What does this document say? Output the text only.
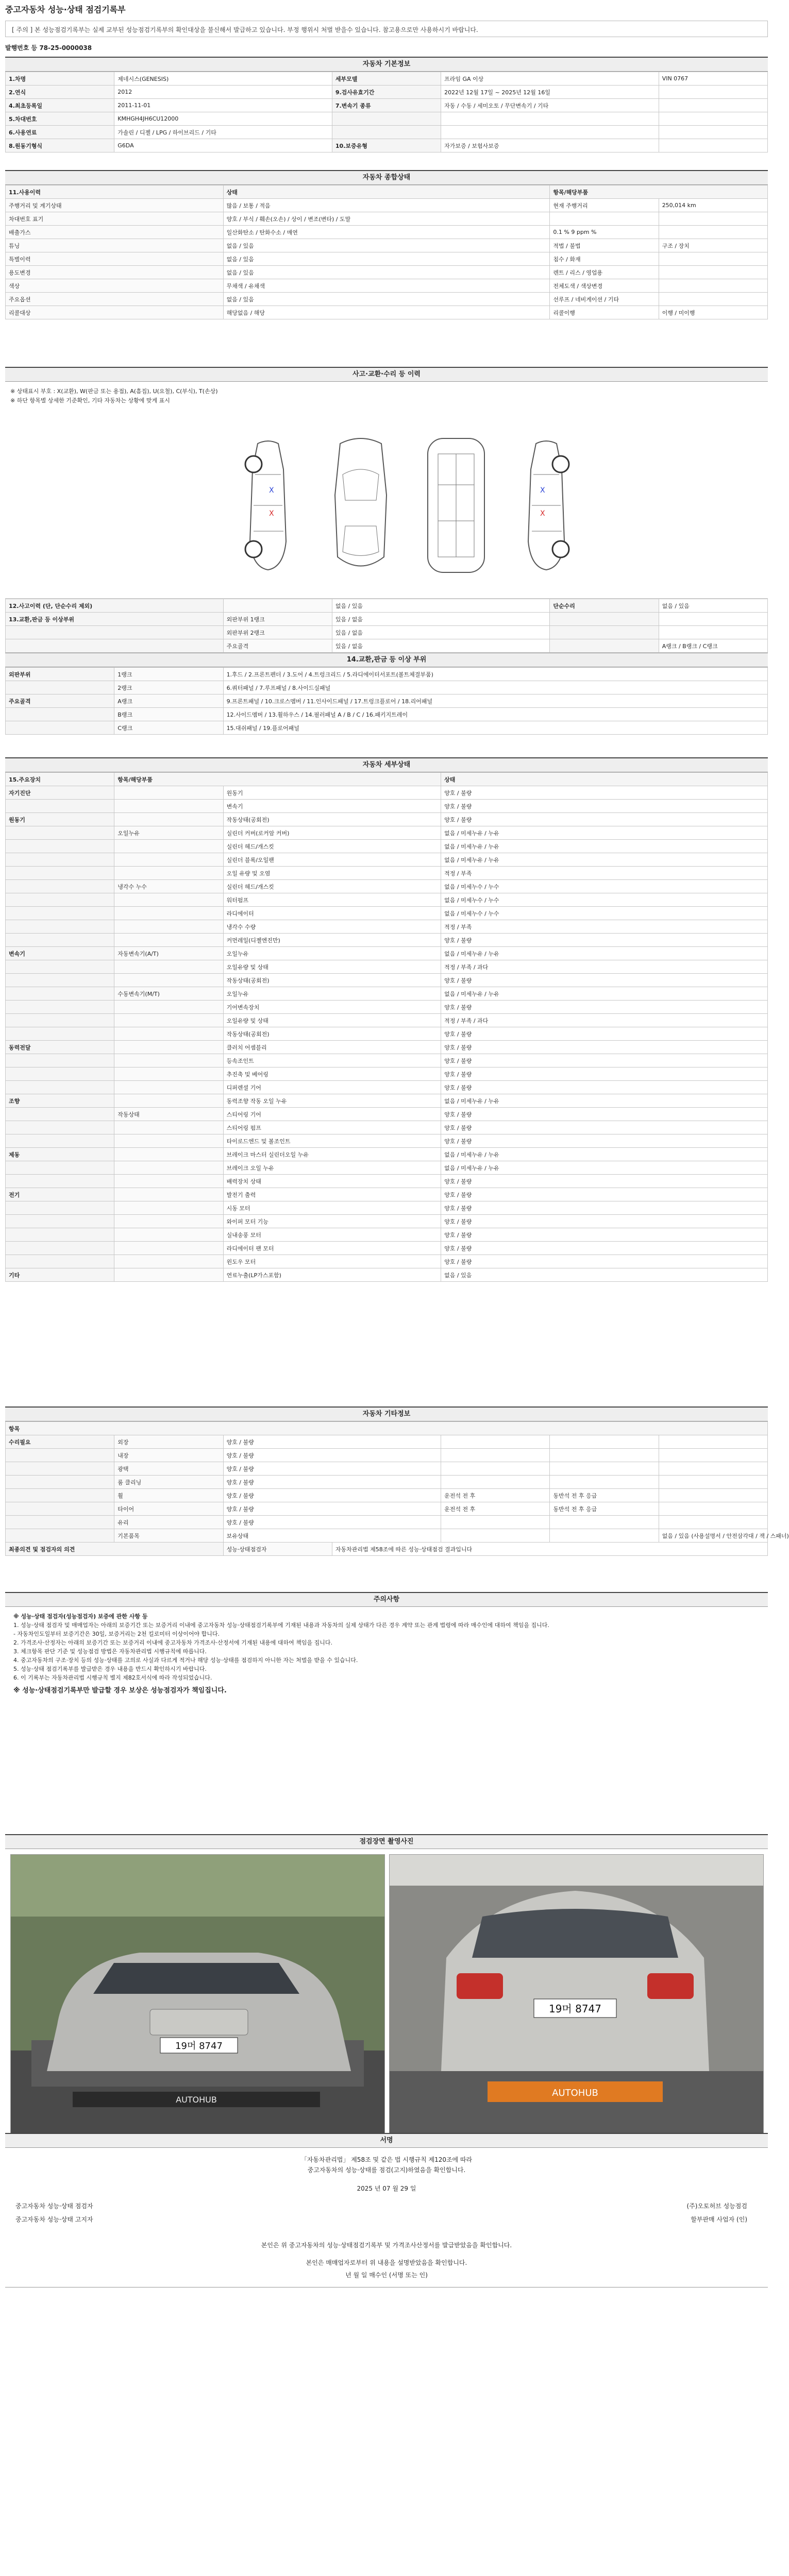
중고자동차 성능·상태 점검기록부
[ 주의 ] 본 성능점검기록부는 실제 교부된 성능점검기록부의 확인대상을 불신해서 발급하고 있습니다. 부정 행위시 처벌 받을수 있습니다. 참고용으로만 사용하시기 바랍니다.
발행번호 등 78-25-0000038
자동차 기본정보
1.차명	제네시스(GENESIS)	세부모델	프라임 GA 이상	VIN 0767
2.연식	2012	9.검사유효기간	2022년 12월 17일 ~ 2025년 12월 16일	
4.최초등록일	2011-11-01	7.변속기 종류	자동 / 수동 / 세미오토 / 무단변속기 / 기타	
5.차대번호	KMHGH4JH6CU12000			
6.사용연료	가솔린 / 디젤 / LPG / 하이브리드 / 기타			
8.원동기형식	G6DA	10.보증유형	자가보증 / 보험사보증	
자동차 종합상태
11.사용이력	상태	항목/해당부품	
주행거리 및 계기상태	많음 / 보통 / 적음	현재 주행거리	250,014 km
차대번호 표기	양호 / 부식 / 훼손(오손) / 상이 / 변조(변타) / 도말		
배출가스	일산화탄소 / 탄화수소 / 매연	0.1 % 9 ppm %	
튜닝	없음 / 있음	적법 / 불법	구조 / 장치
특별이력	없음 / 있음	침수 / 화재	
용도변경	없음 / 있음	렌트 / 리스 / 영업용	
색상	무채색 / 유채색	전체도색 / 색상변경	
주요옵션	없음 / 있음	선루프 / 네비게이션 / 기타	
리콜대상	해당없음 / 해당	리콜이행	이행 / 미이행
사고·교환·수리 등 이력
※ 상태표시 부호 : X(교환), W(판금 또는 용접), A(흠집), U(요철), C(부식), T(손상)
※ 하단 항목별 상세한 기준확인, 기타 자동차는 상황에 맞게 표시
X
X
X
X
12.사고이력 (단, 단순수리 제외)		없음 / 있음	단순수리	없음 / 있음
13.교환,판금 등 이상부위	외판부위 1랭크	있음 / 없음		
	외판부위 2랭크	있음 / 없음		
	주요골격	있음 / 없음		A랭크 / B랭크 / C랭크
14.교환,판금 등 이상 부위
외판부위	1랭크	1.후드 / 2.프론트펜더 / 3.도어 / 4.트렁크리드 / 5.라디에이터서포트(볼트체결부품)
	2랭크	6.쿼터패널 / 7.루프패널 / 8.사이드실패널
주요골격	A랭크	9.프론트패널 / 10.크로스멤버 / 11.인사이드패널 / 17.트렁크플로어 / 18.리어패널
	B랭크	12.사이드멤버 / 13.휠하우스 / 14.필러패널 A / B / C / 16.패키지트레이
	C랭크	15.대쉬패널 / 19.플로어패널
자동차 세부상태
15.주요장치	항목/해당부품		상태
자기진단		원동기	양호 / 불량
		변속기	양호 / 불량
원동기		작동상태(공회전)	양호 / 불량
	오일누유	실린더 커버(로커암 커버)	없음 / 미세누유 / 누유
		실린더 헤드/개스킷	없음 / 미세누유 / 누유
		실린더 블록/오일팬	없음 / 미세누유 / 누유
		오일 유량 및 오염	적정 / 부족
	냉각수 누수	실린더 헤드/개스킷	없음 / 미세누수 / 누수
		워터펌프	없음 / 미세누수 / 누수
		라디에이터	없음 / 미세누수 / 누수
		냉각수 수량	적정 / 부족
		커먼레일(디젤엔진만)	양호 / 불량
변속기	자동변속기(A/T)	오일누유	없음 / 미세누유 / 누유
		오일유량 및 상태	적정 / 부족 / 과다
		작동상태(공회전)	양호 / 불량
	수동변속기(M/T)	오일누유	없음 / 미세누유 / 누유
		기어변속장치	양호 / 불량
		오일유량 및 상태	적정 / 부족 / 과다
		작동상태(공회전)	양호 / 불량
동력전달		클러치 어셈블리	양호 / 불량
		등속조인트	양호 / 불량
		추진축 및 베어링	양호 / 불량
		디퍼렌셜 기어	양호 / 불량
조향		동력조향 작동 오일 누유	없음 / 미세누유 / 누유
	작동상태	스티어링 기어	양호 / 불량
		스티어링 펌프	양호 / 불량
		타이로드엔드 및 볼조인트	양호 / 불량
제동		브레이크 마스터 실린더오일 누유	없음 / 미세누유 / 누유
		브레이크 오일 누유	없음 / 미세누유 / 누유
		배력장치 상태	양호 / 불량
전기		발전기 출력	양호 / 불량
		시동 모터	양호 / 불량
		와이퍼 모터 기능	양호 / 불량
		실내송풍 모터	양호 / 불량
		라디에이터 팬 모터	양호 / 불량
		윈도우 모터	양호 / 불량
기타		연료누출(LP가스포함)	없음 / 있음
자동차 기타정보
항목						
수리필요	외장	양호 / 불량				
	내장	양호 / 불량				
	광택	양호 / 불량				
	룸 클리닝	양호 / 불량				
	휠	양호 / 불량		운전석 전 후	동반석 전 후 응급	
	타이어	양호 / 불량		운전석 전 후	동반석 전 후 응급	
	유리	양호 / 불량				
	기본품목	보유상태				없음 / 있음 (사용설명서 / 안전삼각대 / 잭 / 스패너)
최종의견 및 점검자의 의견		성능·상태점검자	자동차관리법 제58조에 따른 성능·상태점검 결과입니다			
주의사항
※ 성능·상태 점검자(성능점검자) 보증에 관한 사항 등
1. 성능·상태 점검자 및 매매업자는 아래의 보증기간 또는 보증거리 이내에 중고자동차 성능·상태점검기록부에 기재된 내용과 자동차의 실제 상태가 다른 경우 계약 또는 관계 법령에 따라 매수인에 대하여 책임을 집니다.
- 자동차인도일부터 보증기간은 30일, 보증거리는 2천 킬로미터 이상이어야 합니다.
2. 가격조사·산정자는 아래의 보증기간 또는 보증거리 이내에 중고자동차 가격조사·산정서에 기재된 내용에 대하여 책임을 집니다.
3. 체크항목 판단 기준 및 성능점검 방법은 자동차관리법 시행규칙에 따릅니다.
4. 중고자동차의 구조·장치 등의 성능·상태를 고의로 사실과 다르게 적거나 해당 성능·상태를 점검하지 아니한 자는 처벌을 받을 수 있습니다.
5. 성능·상태 점검기록부를 발급받은 경우 내용을 반드시 확인하시기 바랍니다.
6. 이 기록부는 자동차관리법 시행규칙 별지 제82호서식에 따라 작성되었습니다.
※ 성능·상태점검기록부만 발급할 경우 보상은 성능점검자가 책임집니다.
점검장면 촬영사진
19머 8747
AUTOHUB
19머 8747
AUTOHUB
서명
「자동차관리법」 제58조 및 같은 법 시행규칙 제120조에 따라
중고자동차의 성능·상태를 점검(고지)하였음을 확인합니다.
2025 년 07 월 29 일
중고자동차 성능·상태 점검자	(주)오토허브 성능점검
중고자동차 성능·상태 고지자	할부판매 사업자 (인)
본인은 위 중고자동차의 성능·상태점검기록부 및 가격조사산정서를 발급받았음을 확인합니다.
본인은 매매업자로부터 위 내용을 설명받았음을 확인합니다.
년 월 일 매수인 (서명 또는 인)
